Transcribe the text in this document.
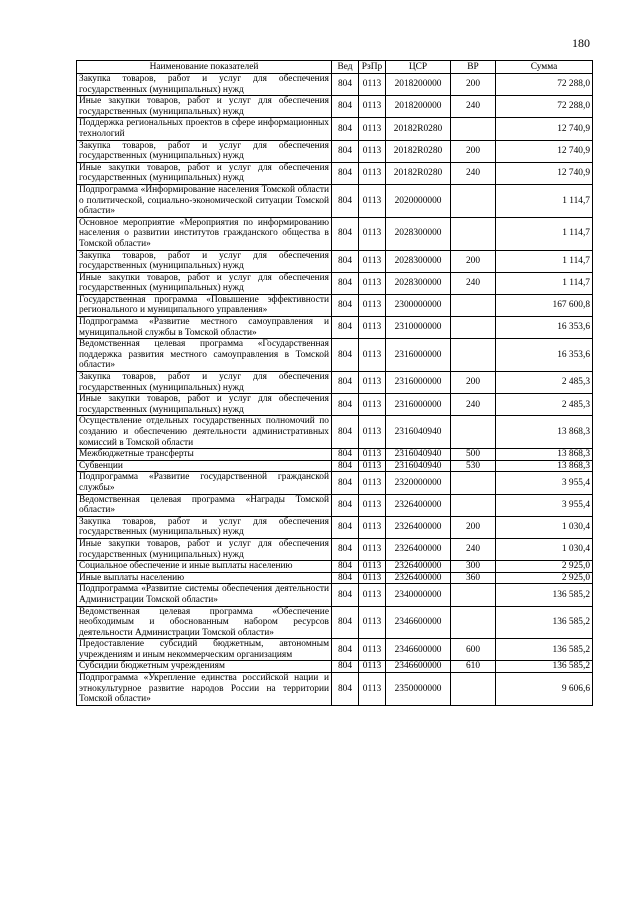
180
Наименование показателей	Вед	РзПр	ЦСР	ВР	Сумма
Закупка товаров, работ и услуг для обеспечения государственных (муниципальных) нужд	804	0113	2018200000	200	72 288,0
Иные закупки товаров, работ и услуг для обеспечения государственных (муниципальных) нужд	804	0113	2018200000	240	72 288,0
Поддержка региональных проектов в сфере информационных технологий	804	0113	20182R0280		12 740,9
Закупка товаров, работ и услуг для обеспечения государственных (муниципальных) нужд	804	0113	20182R0280	200	12 740,9
Иные закупки товаров, работ и услуг для обеспечения государственных (муниципальных) нужд	804	0113	20182R0280	240	12 740,9
Подпрограмма «Информирование населения Томской области о политической, социально-экономической ситуации Томской области»	804	0113	2020000000		1 114,7
Основное мероприятие «Мероприятия по информированию населения о развитии институтов гражданского общества в Томской области»	804	0113	2028300000		1 114,7
Закупка товаров, работ и услуг для обеспечения государственных (муниципальных) нужд	804	0113	2028300000	200	1 114,7
Иные закупки товаров, работ и услуг для обеспечения государственных (муниципальных) нужд	804	0113	2028300000	240	1 114,7
Государственная программа «Повышение эффективности регионального и муниципального управления»	804	0113	2300000000		167 600,8
Подпрограмма «Развитие местного самоуправления и муниципальной службы в Томской области»	804	0113	2310000000		16 353,6
Ведомственная целевая программа «Государственная поддержка развития местного самоуправления в Томской области»	804	0113	2316000000		16 353,6
Закупка товаров, работ и услуг для обеспечения государственных (муниципальных) нужд	804	0113	2316000000	200	2 485,3
Иные закупки товаров, работ и услуг для обеспечения государственных (муниципальных) нужд	804	0113	2316000000	240	2 485,3
Осуществление отдельных государственных полномочий по созданию и обеспечению деятельности административных комиссий в Томской области	804	0113	2316040940		13 868,3
Межбюджетные трансферты	804	0113	2316040940	500	13 868,3
Субвенции	804	0113	2316040940	530	13 868,3
Подпрограмма «Развитие государственной гражданской службы»	804	0113	2320000000		3 955,4
Ведомственная целевая программа «Награды Томской области»	804	0113	2326400000		3 955,4
Закупка товаров, работ и услуг для обеспечения государственных (муниципальных) нужд	804	0113	2326400000	200	1 030,4
Иные закупки товаров, работ и услуг для обеспечения государственных (муниципальных) нужд	804	0113	2326400000	240	1 030,4
Социальное обеспечение и иные выплаты населению	804	0113	2326400000	300	2 925,0
Иные выплаты населению	804	0113	2326400000	360	2 925,0
Подпрограмма «Развитие системы обеспечения деятельности Администрации Томской области»	804	0113	2340000000		136 585,2
Ведомственная целевая программа «Обеспечение необходимым и обоснованным набором ресурсов деятельности Администрации Томской области»	804	0113	2346600000		136 585,2
Предоставление субсидий бюджетным, автономным учреждениям и иным некоммерческим организациям	804	0113	2346600000	600	136 585,2
Субсидии бюджетным учреждениям	804	0113	2346600000	610	136 585,2
Подпрограмма «Укрепление единства российской нации и этнокультурное развитие народов России на территории Томской области»	804	0113	2350000000		9 606,6
